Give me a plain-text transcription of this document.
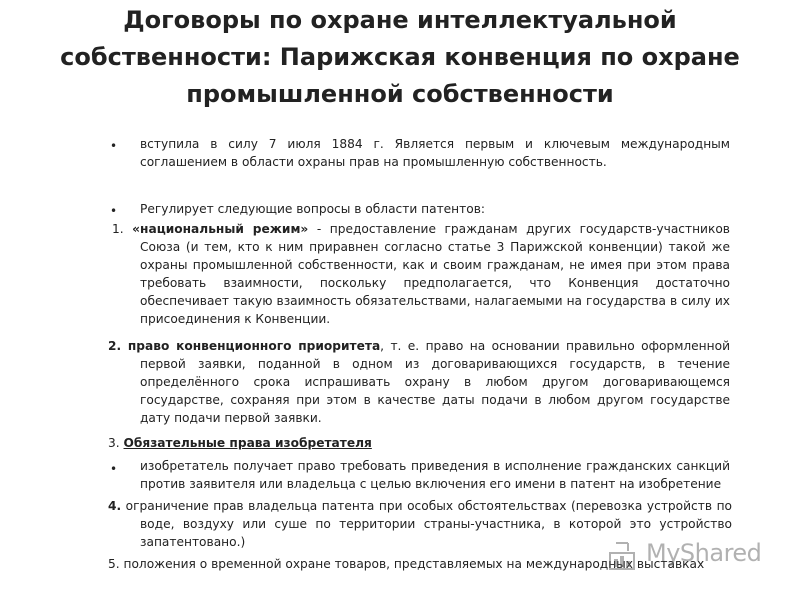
Договоры по охране интеллектуальной собственности: Парижская конвенция по охране промышленной собственности
• вступила в силу 7 июля 1884 г. Является первым и ключевым международным соглашением в области охраны прав на промышленную собственность.

• Регулирует следующие вопросы в области патентов:

1. «национальный режим» - предоставление гражданам других государств-участников Союза (и тем, кто к ним приравнен согласно статье 3 Парижской конвенции) такой же охраны промышленной собственности, как и своим гражданам, не имея при этом права требовать взаимности, поскольку предполагается, что Конвенция достаточно обеспечивает такую взаимность обязательствами, налагаемыми на государства в силу их присоединения к Конвенции.

2. право конвенционного приоритета, т. е. право на основании правильно оформленной первой заявки, поданной в одном из договаривающихся государств, в течение определённого срока испрашивать охрану в любом другом договаривающемся государстве, сохраняя при этом в качестве даты подачи в любом другом государстве дату подачи первой заявки.

3. Обязательные права изобретателя

• изобретатель получает право требовать приведения в исполнение гражданских санкций против заявителя или владельца с целью включения его имени в патент на изобретение

4. ограничение прав владельца патента при особых обстоятельствах (перевозка устройств по воде, воздуху или суше по территории страны-участника, в которой это устройство запатентовано.)

5. положения о временной охране товаров, представляемых на международных выставках

MyShared
